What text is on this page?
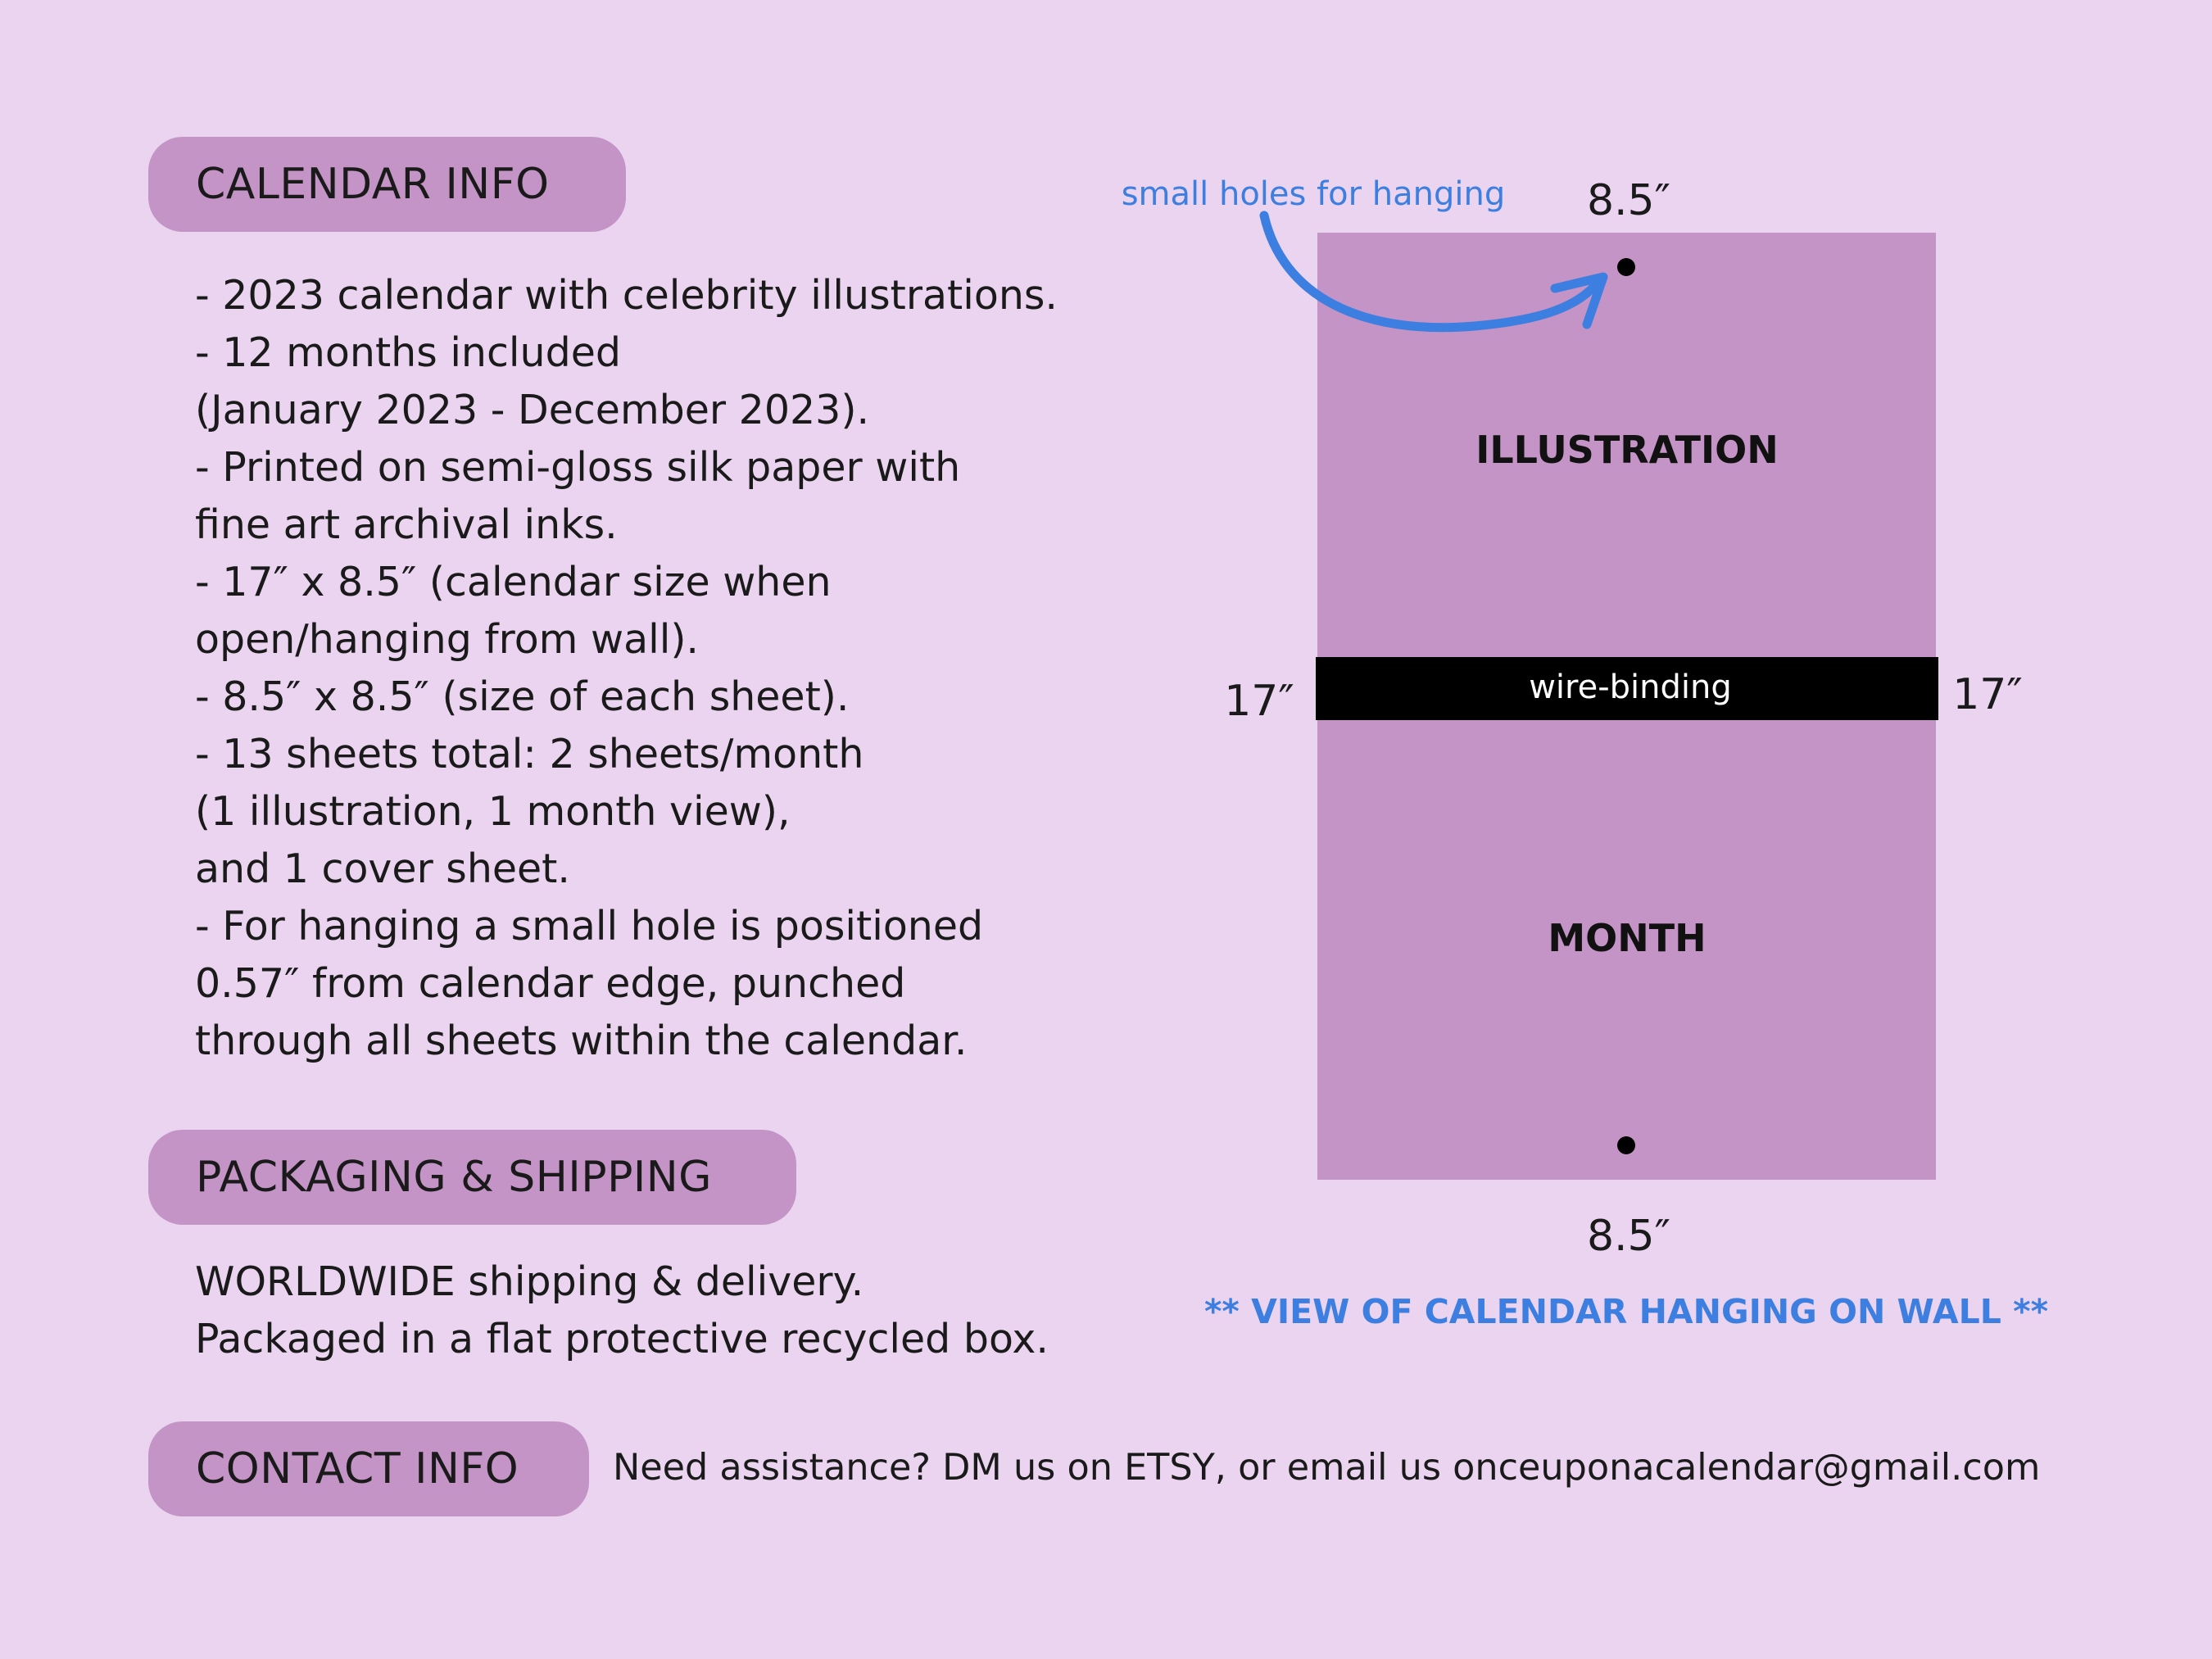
CALENDAR INFO
- 2023 calendar with celebrity illustrations.
- 12 months included
(January 2023 - December 2023).
- Printed on semi-gloss silk paper with
fine art archival inks.
- 17″ x 8.5″ (calendar size when
open/hanging from wall).
- 8.5″ x 8.5″ (size of each sheet).
- 13 sheets total: 2 sheets/month
(1 illustration, 1 month view),
and 1 cover sheet.
- For hanging a small hole is positioned
0.57″ from calendar edge, punched
through all sheets within the calendar.
PACKAGING & SHIPPING
WORLDWIDE shipping & delivery.
Packaged in a flat protective recycled box.
CONTACT INFO	Need assistance? DM us on ETSY, or email us onceuponacalendar@gmail.com
small holes for hanging 8.5″
ILLUSTRATION
wire-binding
17″	17″
MONTH
8.5″
** VIEW OF CALENDAR HANGING ON WALL **
